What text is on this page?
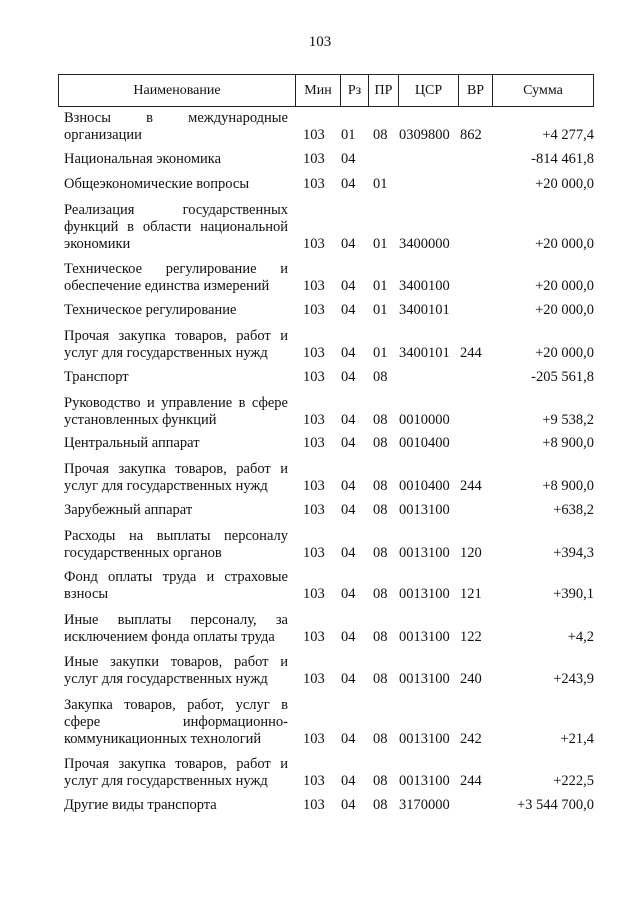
103
Наименование	Мин	Рз ПР	ЦСР	ВР	Сумма
Взносы в международные организации	103 01 08 0309800 862	+4 277,4
Национальная экономика	103 04	-814 461,8
Общеэкономические вопросы	103 04 01	+20 000,0
Реализация государственных функций в области национальной экономики	103 04 01 3400000	+20 000,0
Техническое регулирование и обеспечение единства измерений	103 04 01 3400100	+20 000,0
Техническое регулирование	103 04 01 3400101	+20 000,0
Прочая закупка товаров, работ и услуг для государственных нужд	103 04 01 3400101 244	+20 000,0
Транспорт	103 04 08	-205 561,8
Руководство и управление в сфере установленных функций	103 04 08 0010000	+9 538,2
Центральный аппарат	103 04 08 0010400	+8 900,0
Прочая закупка товаров, работ и услуг для государственных нужд	103 04 08 0010400 244	+8 900,0
Зарубежный аппарат	103 04 08 0013100	+638,2
Расходы на выплаты персоналу государственных органов	103 04 08 0013100 120	+394,3
Фонд оплаты труда и страховые взносы	103 04 08 0013100 121	+390,1
Иные выплаты персоналу, за исключением фонда оплаты труда	103 04 08 0013100 122	+4,2
Иные закупки товаров, работ и услуг для государственных нужд	103 04 08 0013100 240	+243,9
Закупка товаров, работ, услуг в сфере информационно-коммуникационных технологий	103 04 08 0013100 242	+21,4
Прочая закупка товаров, работ и услуг для государственных нужд	103 04 08 0013100 244	+222,5
Другие виды транспорта	103 04 08 3170000	+3 544 700,0
